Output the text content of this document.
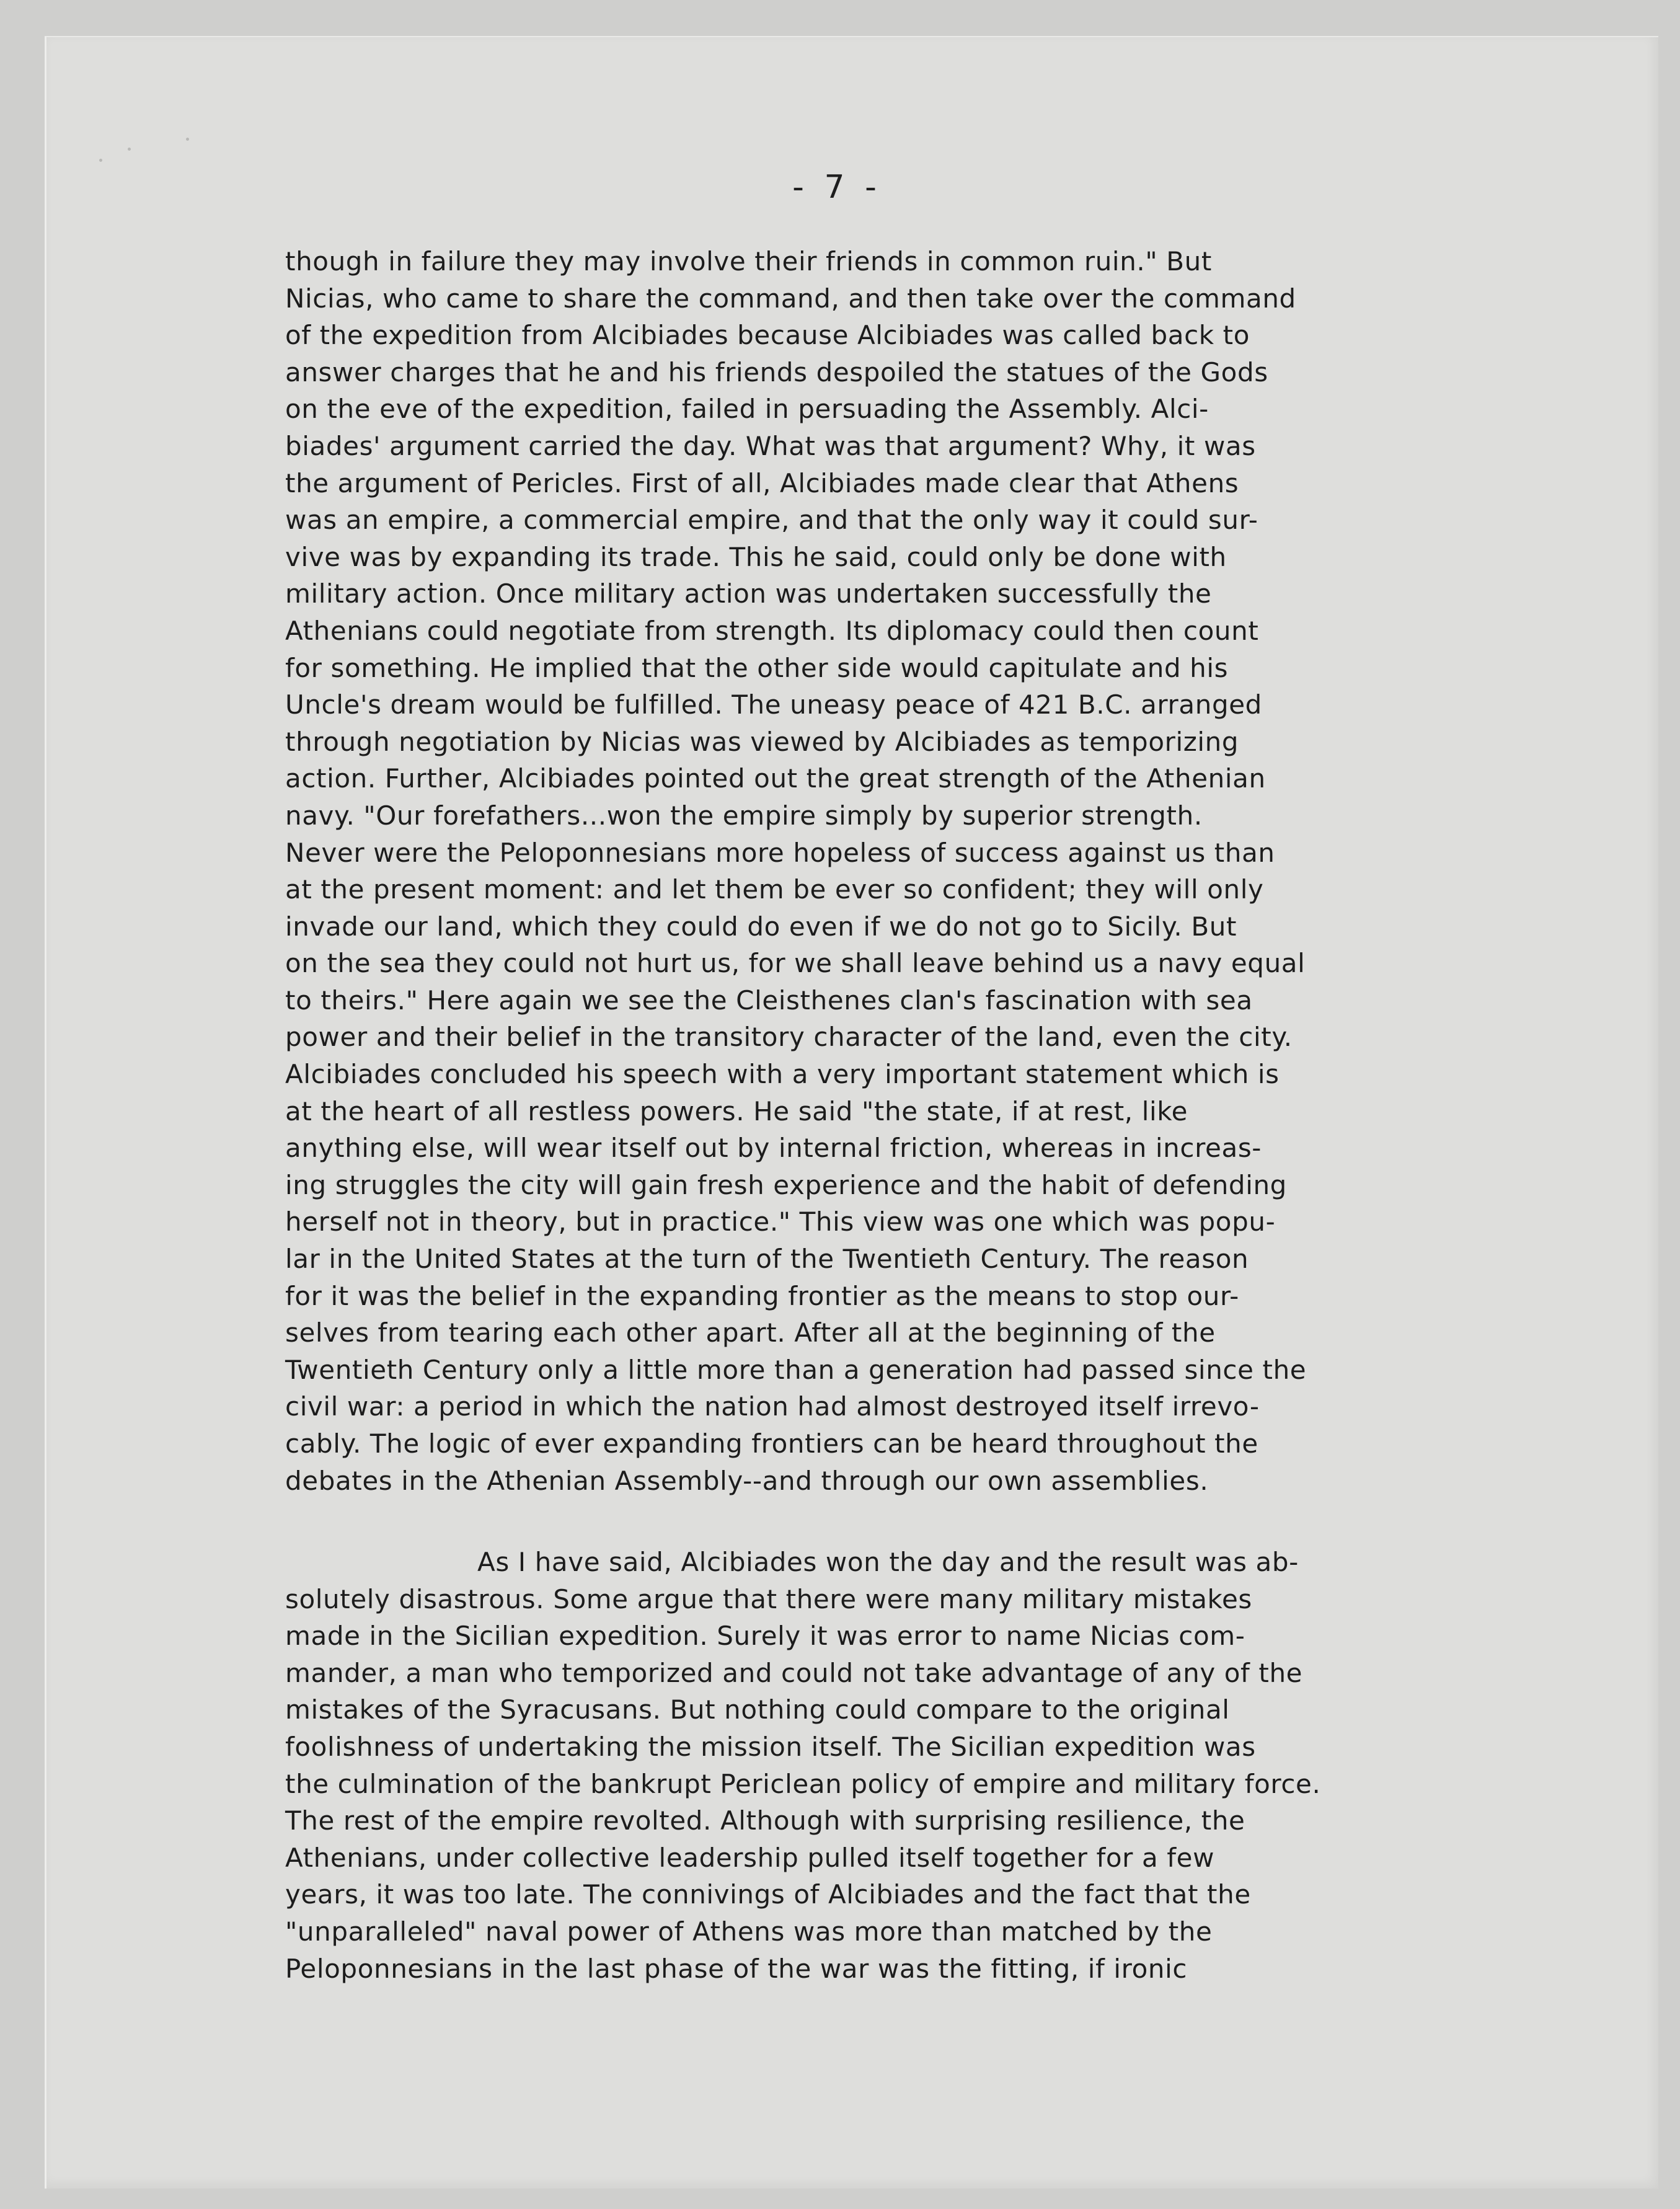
- 7 -
though in failure they may involve their friends in common ruin." But
Nicias, who came to share the command, and then take over the command
of the expedition from Alcibiades because Alcibiades was called back to
answer charges that he and his friends despoiled the statues of the Gods
on the eve of the expedition, failed in persuading the Assembly. Alci-
biades' argument carried the day. What was that argument? Why, it was
the argument of Pericles. First of all, Alcibiades made clear that Athens
was an empire, a commercial empire, and that the only way it could sur-
vive was by expanding its trade. This he said, could only be done with
military action. Once military action was undertaken successfully the
Athenians could negotiate from strength. Its diplomacy could then count
for something. He implied that the other side would capitulate and his
Uncle's dream would be fulfilled. The uneasy peace of 421 B.C. arranged
through negotiation by Nicias was viewed by Alcibiades as temporizing
action. Further, Alcibiades pointed out the great strength of the Athenian
navy. "Our forefathers...won the empire simply by superior strength.
Never were the Peloponnesians more hopeless of success against us than
at the present moment: and let them be ever so confident; they will only
invade our land, which they could do even if we do not go to Sicily. But
on the sea they could not hurt us, for we shall leave behind us a navy equal
to theirs." Here again we see the Cleisthenes clan's fascination with sea
power and their belief in the transitory character of the land, even the city.
Alcibiades concluded his speech with a very important statement which is
at the heart of all restless powers. He said "the state, if at rest, like
anything else, will wear itself out by internal friction, whereas in increas-
ing struggles the city will gain fresh experience and the habit of defending
herself not in theory, but in practice." This view was one which was popu-
lar in the United States at the turn of the Twentieth Century. The reason
for it was the belief in the expanding frontier as the means to stop our-
selves from tearing each other apart. After all at the beginning of the
Twentieth Century only a little more than a generation had passed since the
civil war: a period in which the nation had almost destroyed itself irrevo-
cably. The logic of ever expanding frontiers can be heard throughout the
debates in the Athenian Assembly--and through our own assemblies.
As I have said, Alcibiades won the day and the result was ab-
solutely disastrous. Some argue that there were many military mistakes
made in the Sicilian expedition. Surely it was error to name Nicias com-
mander, a man who temporized and could not take advantage of any of the
mistakes of the Syracusans. But nothing could compare to the original
foolishness of undertaking the mission itself. The Sicilian expedition was
the culmination of the bankrupt Periclean policy of empire and military force.
The rest of the empire revolted. Although with surprising resilience, the
Athenians, under collective leadership pulled itself together for a few
years, it was too late. The connivings of Alcibiades and the fact that the
"unparalleled" naval power of Athens was more than matched by the
Peloponnesians in the last phase of the war was the fitting, if ironic
